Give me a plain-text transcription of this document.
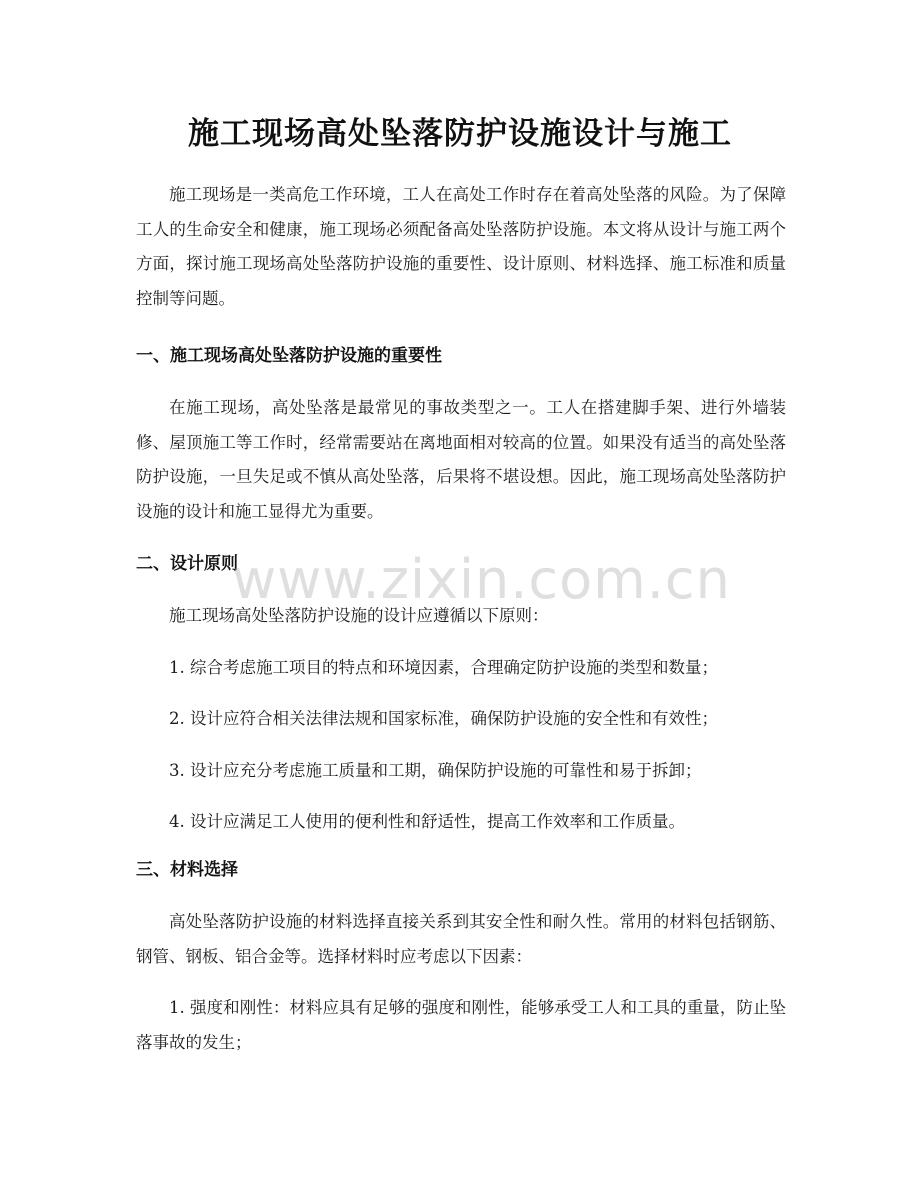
施工现场高处坠落防护设施设计与施工

施工现场是一类高危工作环境，工人在高处工作时存在着高处坠落的风险。为了保障工人的生命安全和健康，施工现场必须配备高处坠落防护设施。本文将从设计与施工两个方面，探讨施工现场高处坠落防护设施的重要性、设计原则、材料选择、施工标准和质量控制等问题。

一、施工现场高处坠落防护设施的重要性

在施工现场，高处坠落是最常见的事故类型之一。工人在搭建脚手架、进行外墙装修、屋顶施工等工作时，经常需要站在离地面相对较高的位置。如果没有适当的高处坠落防护设施，一旦失足或不慎从高处坠落，后果将不堪设想。因此，施工现场高处坠落防护设施的设计和施工显得尤为重要。

二、设计原则

施工现场高处坠落防护设施的设计应遵循以下原则：

1. 综合考虑施工项目的特点和环境因素，合理确定防护设施的类型和数量；

2. 设计应符合相关法律法规和国家标准，确保防护设施的安全性和有效性；

3. 设计应充分考虑施工质量和工期，确保防护设施的可靠性和易于拆卸；

4. 设计应满足工人使用的便利性和舒适性，提高工作效率和工作质量。

三、材料选择

高处坠落防护设施的材料选择直接关系到其安全性和耐久性。常用的材料包括钢筋、钢管、钢板、铝合金等。选择材料时应考虑以下因素：

1. 强度和刚性：材料应具有足够的强度和刚性，能够承受工人和工具的重量，防止坠落事故的发生；

www.zixin.com.cn
